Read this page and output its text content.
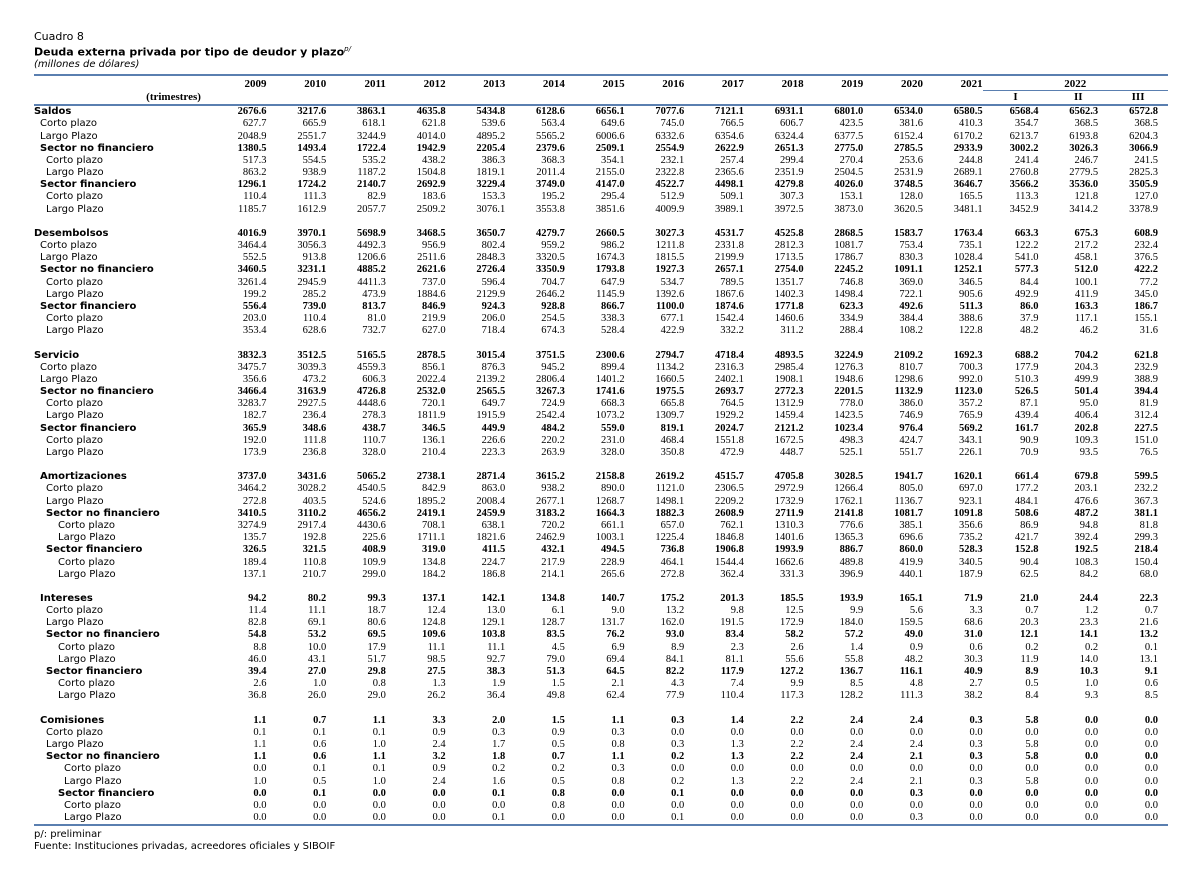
Cuadro 8
Deuda externa privada por tipo de deudor y plazo$^{p/}$
(millones de dólares)
	2009	2010	2011	2012	2013	2014	2015	2016	2017	2018	2019	2020	2021	2022		
(trimestres)														I	II	III
Saldos	2676.6	3217.6	3863.1	4635.8	5434.8	6128.6	6656.1	7077.6	7121.1	6931.1	6801.0	6534.0	6580.5	6568.4	6562.3	6572.8
Corto plazo	627.7	665.9	618.1	621.8	539.6	563.4	649.6	745.0	766.5	606.7	423.5	381.6	410.3	354.7	368.5	368.5
Largo Plazo	2048.9	2551.7	3244.9	4014.0	4895.2	5565.2	6006.6	6332.6	6354.6	6324.4	6377.5	6152.4	6170.2	6213.7	6193.8	6204.3
Sector no financiero	1380.5	1493.4	1722.4	1942.9	2205.4	2379.6	2509.1	2554.9	2622.9	2651.3	2775.0	2785.5	2933.9	3002.2	3026.3	3066.9
Corto plazo	517.3	554.5	535.2	438.2	386.3	368.3	354.1	232.1	257.4	299.4	270.4	253.6	244.8	241.4	246.7	241.5
Largo Plazo	863.2	938.9	1187.2	1504.8	1819.1	2011.4	2155.0	2322.8	2365.6	2351.9	2504.5	2531.9	2689.1	2760.8	2779.5	2825.3
Sector financiero	1296.1	1724.2	2140.7	2692.9	3229.4	3749.0	4147.0	4522.7	4498.1	4279.8	4026.0	3748.5	3646.7	3566.2	3536.0	3505.9
Corto plazo	110.4	111.3	82.9	183.6	153.3	195.2	295.4	512.9	509.1	307.3	153.1	128.0	165.5	113.3	121.8	127.0
Largo Plazo	1185.7	1612.9	2057.7	2509.2	3076.1	3553.8	3851.6	4009.9	3989.1	3972.5	3873.0	3620.5	3481.1	3452.9	3414.2	3378.9

Desembolsos	4016.9	3970.1	5698.9	3468.5	3650.7	4279.7	2660.5	3027.3	4531.7	4525.8	2868.5	1583.7	1763.4	663.3	675.3	608.9
Corto plazo	3464.4	3056.3	4492.3	956.9	802.4	959.2	986.2	1211.8	2331.8	2812.3	1081.7	753.4	735.1	122.2	217.2	232.4
Largo Plazo	552.5	913.8	1206.6	2511.6	2848.3	3320.5	1674.3	1815.5	2199.9	1713.5	1786.7	830.3	1028.4	541.0	458.1	376.5
Sector no financiero	3460.5	3231.1	4885.2	2621.6	2726.4	3350.9	1793.8	1927.3	2657.1	2754.0	2245.2	1091.1	1252.1	577.3	512.0	422.2
Corto plazo	3261.4	2945.9	4411.3	737.0	596.4	704.7	647.9	534.7	789.5	1351.7	746.8	369.0	346.5	84.4	100.1	77.2
Largo Plazo	199.2	285.2	473.9	1884.6	2129.9	2646.2	1145.9	1392.6	1867.6	1402.3	1498.4	722.1	905.6	492.9	411.9	345.0
Sector financiero	556.4	739.0	813.7	846.9	924.3	928.8	866.7	1100.0	1874.6	1771.8	623.3	492.6	511.3	86.0	163.3	186.7
Corto plazo	203.0	110.4	81.0	219.9	206.0	254.5	338.3	677.1	1542.4	1460.6	334.9	384.4	388.6	37.9	117.1	155.1
Largo Plazo	353.4	628.6	732.7	627.0	718.4	674.3	528.4	422.9	332.2	311.2	288.4	108.2	122.8	48.2	46.2	31.6

Servicio	3832.3	3512.5	5165.5	2878.5	3015.4	3751.5	2300.6	2794.7	4718.4	4893.5	3224.9	2109.2	1692.3	688.2	704.2	621.8
Corto plazo	3475.7	3039.3	4559.3	856.1	876.3	945.2	899.4	1134.2	2316.3	2985.4	1276.3	810.7	700.3	177.9	204.3	232.9
Largo Plazo	356.6	473.2	606.3	2022.4	2139.2	2806.4	1401.2	1660.5	2402.1	1908.1	1948.6	1298.6	992.0	510.3	499.9	388.9
Sector no financiero	3466.4	3163.9	4726.8	2532.0	2565.5	3267.3	1741.6	1975.5	2693.7	2772.3	2201.5	1132.9	1123.0	526.5	501.4	394.4
Corto plazo	3283.7	2927.5	4448.6	720.1	649.7	724.9	668.3	665.8	764.5	1312.9	778.0	386.0	357.2	87.1	95.0	81.9
Largo Plazo	182.7	236.4	278.3	1811.9	1915.9	2542.4	1073.2	1309.7	1929.2	1459.4	1423.5	746.9	765.9	439.4	406.4	312.4
Sector financiero	365.9	348.6	438.7	346.5	449.9	484.2	559.0	819.1	2024.7	2121.2	1023.4	976.4	569.2	161.7	202.8	227.5
Corto plazo	192.0	111.8	110.7	136.1	226.6	220.2	231.0	468.4	1551.8	1672.5	498.3	424.7	343.1	90.9	109.3	151.0
Largo Plazo	173.9	236.8	328.0	210.4	223.3	263.9	328.0	350.8	472.9	448.7	525.1	551.7	226.1	70.9	93.5	76.5

Amortizaciones	3737.0	3431.6	5065.2	2738.1	2871.4	3615.2	2158.8	2619.2	4515.7	4705.8	3028.5	1941.7	1620.1	661.4	679.8	599.5
Corto plazo	3464.2	3028.2	4540.5	842.9	863.0	938.2	890.0	1121.0	2306.5	2972.9	1266.4	805.0	697.0	177.2	203.1	232.2
Largo Plazo	272.8	403.5	524.6	1895.2	2008.4	2677.1	1268.7	1498.1	2209.2	1732.9	1762.1	1136.7	923.1	484.1	476.6	367.3
Sector no financiero	3410.5	3110.2	4656.2	2419.1	2459.9	3183.2	1664.3	1882.3	2608.9	2711.9	2141.8	1081.7	1091.8	508.6	487.2	381.1
Corto plazo	3274.9	2917.4	4430.6	708.1	638.1	720.2	661.1	657.0	762.1	1310.3	776.6	385.1	356.6	86.9	94.8	81.8
Largo Plazo	135.7	192.8	225.6	1711.1	1821.6	2462.9	1003.1	1225.4	1846.8	1401.6	1365.3	696.6	735.2	421.7	392.4	299.3
Sector financiero	326.5	321.5	408.9	319.0	411.5	432.1	494.5	736.8	1906.8	1993.9	886.7	860.0	528.3	152.8	192.5	218.4
Corto plazo	189.4	110.8	109.9	134.8	224.7	217.9	228.9	464.1	1544.4	1662.6	489.8	419.9	340.5	90.4	108.3	150.4
Largo Plazo	137.1	210.7	299.0	184.2	186.8	214.1	265.6	272.8	362.4	331.3	396.9	440.1	187.9	62.5	84.2	68.0

Intereses	94.2	80.2	99.3	137.1	142.1	134.8	140.7	175.2	201.3	185.5	193.9	165.1	71.9	21.0	24.4	22.3
Corto plazo	11.4	11.1	18.7	12.4	13.0	6.1	9.0	13.2	9.8	12.5	9.9	5.6	3.3	0.7	1.2	0.7
Largo Plazo	82.8	69.1	80.6	124.8	129.1	128.7	131.7	162.0	191.5	172.9	184.0	159.5	68.6	20.3	23.3	21.6
Sector no financiero	54.8	53.2	69.5	109.6	103.8	83.5	76.2	93.0	83.4	58.2	57.2	49.0	31.0	12.1	14.1	13.2
Corto plazo	8.8	10.0	17.9	11.1	11.1	4.5	6.9	8.9	2.3	2.6	1.4	0.9	0.6	0.2	0.2	0.1
Largo Plazo	46.0	43.1	51.7	98.5	92.7	79.0	69.4	84.1	81.1	55.6	55.8	48.2	30.3	11.9	14.0	13.1
Sector financiero	39.4	27.0	29.8	27.5	38.3	51.3	64.5	82.2	117.9	127.2	136.7	116.1	40.9	8.9	10.3	9.1
Corto plazo	2.6	1.0	0.8	1.3	1.9	1.5	2.1	4.3	7.4	9.9	8.5	4.8	2.7	0.5	1.0	0.6
Largo Plazo	36.8	26.0	29.0	26.2	36.4	49.8	62.4	77.9	110.4	117.3	128.2	111.3	38.2	8.4	9.3	8.5

Comisiones	1.1	0.7	1.1	3.3	2.0	1.5	1.1	0.3	1.4	2.2	2.4	2.4	0.3	5.8	0.0	0.0
Corto plazo	0.1	0.1	0.1	0.9	0.3	0.9	0.3	0.0	0.0	0.0	0.0	0.0	0.0	0.0	0.0	0.0
Largo Plazo	1.1	0.6	1.0	2.4	1.7	0.5	0.8	0.3	1.3	2.2	2.4	2.4	0.3	5.8	0.0	0.0
Sector no financiero	1.1	0.6	1.1	3.2	1.8	0.7	1.1	0.2	1.3	2.2	2.4	2.1	0.3	5.8	0.0	0.0
Corto plazo	0.0	0.1	0.1	0.9	0.2	0.2	0.3	0.0	0.0	0.0	0.0	0.0	0.0	0.0	0.0	0.0
Largo Plazo	1.0	0.5	1.0	2.4	1.6	0.5	0.8	0.2	1.3	2.2	2.4	2.1	0.3	5.8	0.0	0.0
Sector financiero	0.0	0.1	0.0	0.0	0.1	0.8	0.0	0.1	0.0	0.0	0.0	0.3	0.0	0.0	0.0	0.0
Corto plazo	0.0	0.0	0.0	0.0	0.0	0.8	0.0	0.0	0.0	0.0	0.0	0.0	0.0	0.0	0.0	0.0
Largo Plazo	0.0	0.0	0.0	0.0	0.1	0.0	0.0	0.1	0.0	0.0	0.0	0.3	0.0	0.0	0.0	0.0
p/: preliminar
Fuente: Instituciones privadas, acreedores oficiales y SIBOIF
